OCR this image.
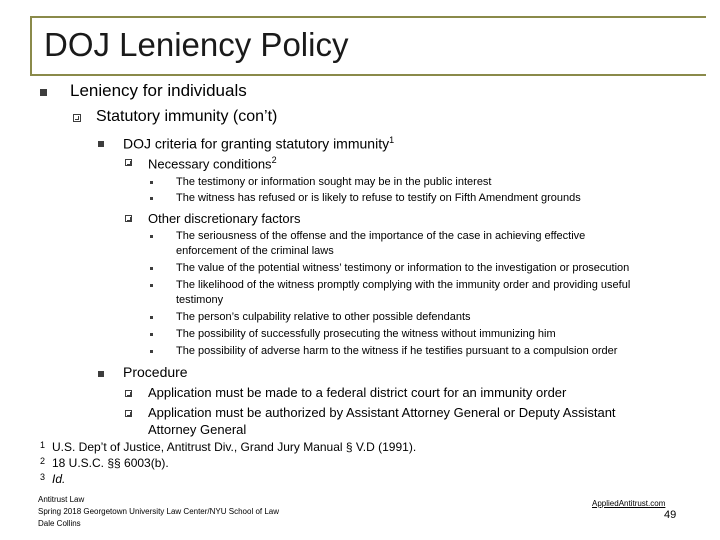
DOJ Leniency Policy
Leniency for individuals
Statutory immunity (con’t)
DOJ criteria for granting statutory immunity$^1$
Necessary conditions$^2$
The testimony or information sought may be in the public interest
The witness has refused or is likely to refuse to testify on Fifth Amendment grounds
Other discretionary factors
The seriousness of the offense and the importance of the case in achieving effective
enforcement of the criminal laws
The value of the potential witness’ testimony or information to the investigation or prosecution
The likelihood of the witness promptly complying with the immunity order and providing useful
testimony
The person’s culpability relative to other possible defendants
The possibility of successfully prosecuting the witness without immunizing him
The possibility of adverse harm to the witness if he testifies pursuant to a compulsion order
Procedure
Application must be made to a federal district court for an immunity order
Application must be authorized by Assistant Attorney General or Deputy Assistant
Attorney General
1 U.S. Dep’t of Justice, Antitrust Div., Grand Jury Manual § V.D (1991).
2 18 U.S.C. §§ 6003(b).
3 Id.
Antitrust Law
Spring 2018 Georgetown University Law Center/NYU School of Law
Dale Collins
AppliedAntitrust.com
49
